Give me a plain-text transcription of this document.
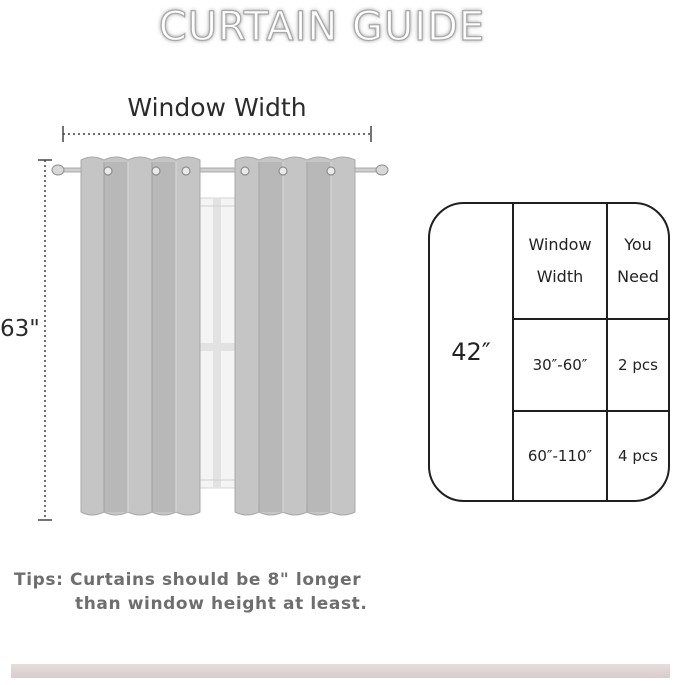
CURTAIN GUIDE
Window Width
63"
42″
Window
Width
You
Need
30″-60″ 2 pcs
60″-110″ 4 pcs
Tips: Curtains should be 8" longer
than window height at least.
